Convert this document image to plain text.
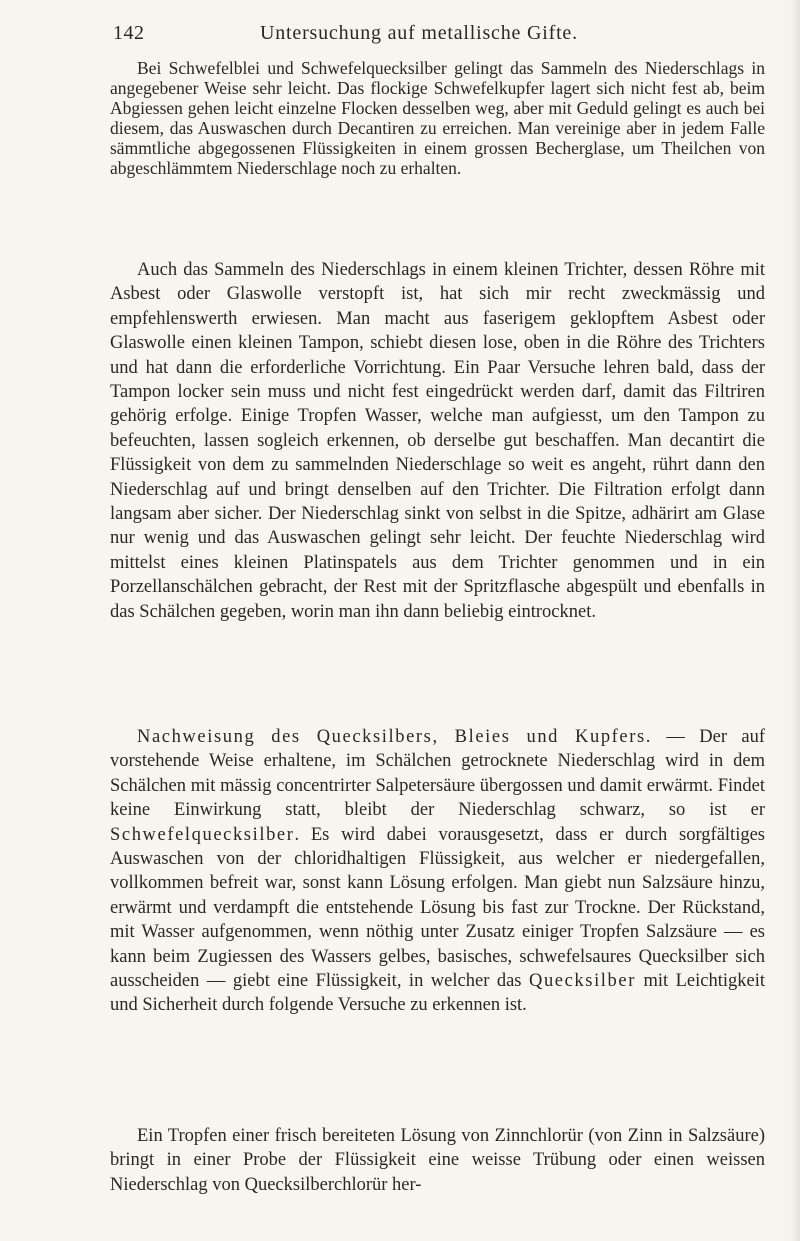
142	Untersuchung auf metallische Gifte.

Bei Schwefelblei und Schwefelquecksilber gelingt das Sammeln des Niederschlags in angegebener Weise sehr leicht. Das flockige Schwefelkupfer lagert sich nicht fest ab, beim Abgiessen gehen leicht einzelne Flocken desselben weg, aber mit Geduld gelingt es auch bei diesem, das Auswaschen durch Decantiren zu erreichen. Man vereinige aber in jedem Falle sämmtliche abgegossenen Flüssigkeiten in einem grossen Becherglase, um Theilchen von abgeschlämmtem Niederschlage noch zu erhalten.

Auch das Sammeln des Niederschlags in einem kleinen Trichter, dessen Röhre mit Asbest oder Glaswolle verstopft ist, hat sich mir recht zweckmässig und empfehlenswerth erwiesen. Man macht aus faserigem geklopftem Asbest oder Glaswolle einen kleinen Tampon, schiebt diesen lose, oben in die Röhre des Trichters und hat dann die erforderliche Vorrichtung. Ein Paar Versuche lehren bald, dass der Tampon locker sein muss und nicht fest eingedrückt werden darf, damit das Filtriren gehörig erfolge. Einige Tropfen Wasser, welche man aufgiesst, um den Tampon zu befeuchten, lassen sogleich erkennen, ob derselbe gut beschaffen. Man decantirt die Flüssigkeit von dem zu sammelnden Niederschlage so weit es angeht, rührt dann den Niederschlag auf und bringt denselben auf den Trichter. Die Filtration erfolgt dann langsam aber sicher. Der Niederschlag sinkt von selbst in die Spitze, adhärirt am Glase nur wenig und das Auswaschen gelingt sehr leicht. Der feuchte Niederschlag wird mittelst eines kleinen Platinspatels aus dem Trichter genommen und in ein Porzellanschälchen gebracht, der Rest mit der Spritzflasche abgespült und ebenfalls in das Schälchen gegeben, worin man ihn dann beliebig eintrocknet.

Nachweisung des Quecksilbers, Bleies und Kupfers. — Der auf vorstehende Weise erhaltene, im Schälchen getrocknete Niederschlag wird in dem Schälchen mit mässig concentrirter Salpetersäure übergossen und damit erwärmt. Findet keine Einwirkung statt, bleibt der Niederschlag schwarz, so ist er Schwefelquecksilber. Es wird dabei vorausgesetzt, dass er durch sorgfältiges Auswaschen von der chloridhaltigen Flüssigkeit, aus welcher er niedergefallen, vollkommen befreit war, sonst kann Lösung erfolgen. Man giebt nun Salzsäure hinzu, erwärmt und verdampft die entstehende Lösung bis fast zur Trockne. Der Rückstand, mit Wasser aufgenommen, wenn nöthig unter Zusatz einiger Tropfen Salzsäure — es kann beim Zugiessen des Wassers gelbes, basisches, schwefelsaures Quecksilber sich ausscheiden — giebt eine Flüssigkeit, in welcher das Quecksilber mit Leichtigkeit und Sicherheit durch folgende Versuche zu erkennen ist.

Ein Tropfen einer frisch bereiteten Lösung von Zinnchlorür (von Zinn in Salzsäure) bringt in einer Probe der Flüssigkeit eine weisse Trübung oder einen weissen Niederschlag von Quecksilberchlorür her-
